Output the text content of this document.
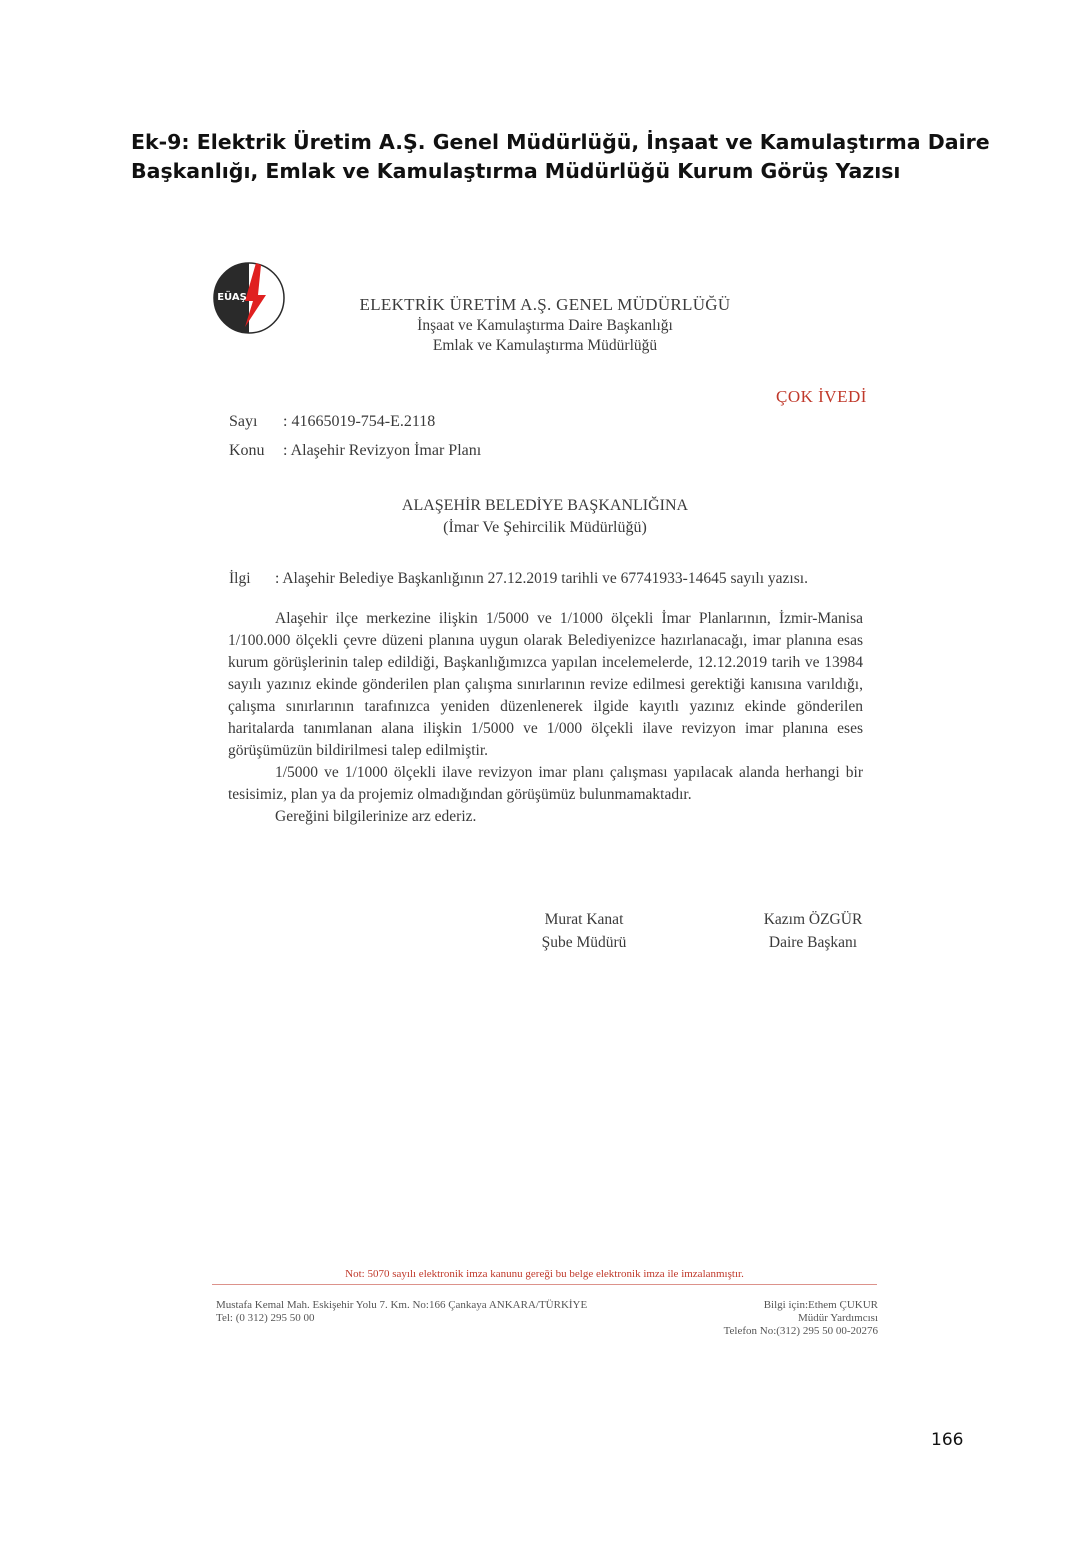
Ek-9: Elektrik Üretim A.Ş. Genel Müdürlüğü, İnşaat ve Kamulaştırma Daire
Başkanlığı, Emlak ve Kamulaştırma Müdürlüğü Kurum Görüş Yazısı
EÜAŞ	ELEKTRİK ÜRETİM A.Ş. GENEL MÜDÜRLÜĞÜ
İnşaat ve Kamulaştırma Daire Başkanlığı
Emlak ve Kamulaştırma Müdürlüğü
ÇOK İVEDİ
Sayı : 41665019-754-E.2118
Konu : Alaşehir Revizyon İmar Planı
ALAŞEHİR BELEDİYE BAŞKANLIĞINA
(İmar Ve Şehircilik Müdürlüğü)
İlgi : Alaşehir Belediye Başkanlığının 27.12.2019 tarihli ve 67741933-14645 sayılı yazısı.

Alaşehir ilçe merkezine ilişkin 1/5000 ve 1/1000 ölçekli İmar Planlarının, İzmir-Manisa 1/100.000 ölçekli çevre düzeni planına uygun olarak Belediyenizce hazırlanacağı, imar planına esas kurum görüşlerinin talep edildiği, Başkanlığımızca yapılan incelemelerde, 12.12.2019 tarih ve 13984 sayılı yazınız ekinde gönderilen plan çalışma sınırlarının revize edilmesi gerektiği kanısına varıldığı, çalışma sınırlarının tarafınızca yeniden düzenlenerek ilgide kayıtlı yazınız ekinde gönderilen haritalarda tanımlanan alana ilişkin 1/5000 ve 1/000 ölçekli ilave revizyon imar planına eses görüşümüzün bildirilmesi talep edilmiştir.

1/5000 ve 1/1000 ölçekli ilave revizyon imar planı çalışması yapılacak alanda herhangi bir tesisimiz, plan ya da projemiz olmadığından görüşümüz bulunmamaktadır.

Gereğini bilgilerinize arz ederiz.

Murat Kanat
Şube Müdürü
Kazım ÖZGÜR
Daire Başkanı
Not: 5070 sayılı elektronik imza kanunu gereği bu belge elektronik imza ile imzalanmıştır.
Mustafa Kemal Mah. Eskişehir Yolu 7. Km. No:166 Çankaya ANKARA/TÜRKİYE
Tel: (0 312) 295 50 00
Bilgi için:Ethem ÇUKUR
Müdür Yardımcısı
Telefon No:(312) 295 50 00-20276
166
